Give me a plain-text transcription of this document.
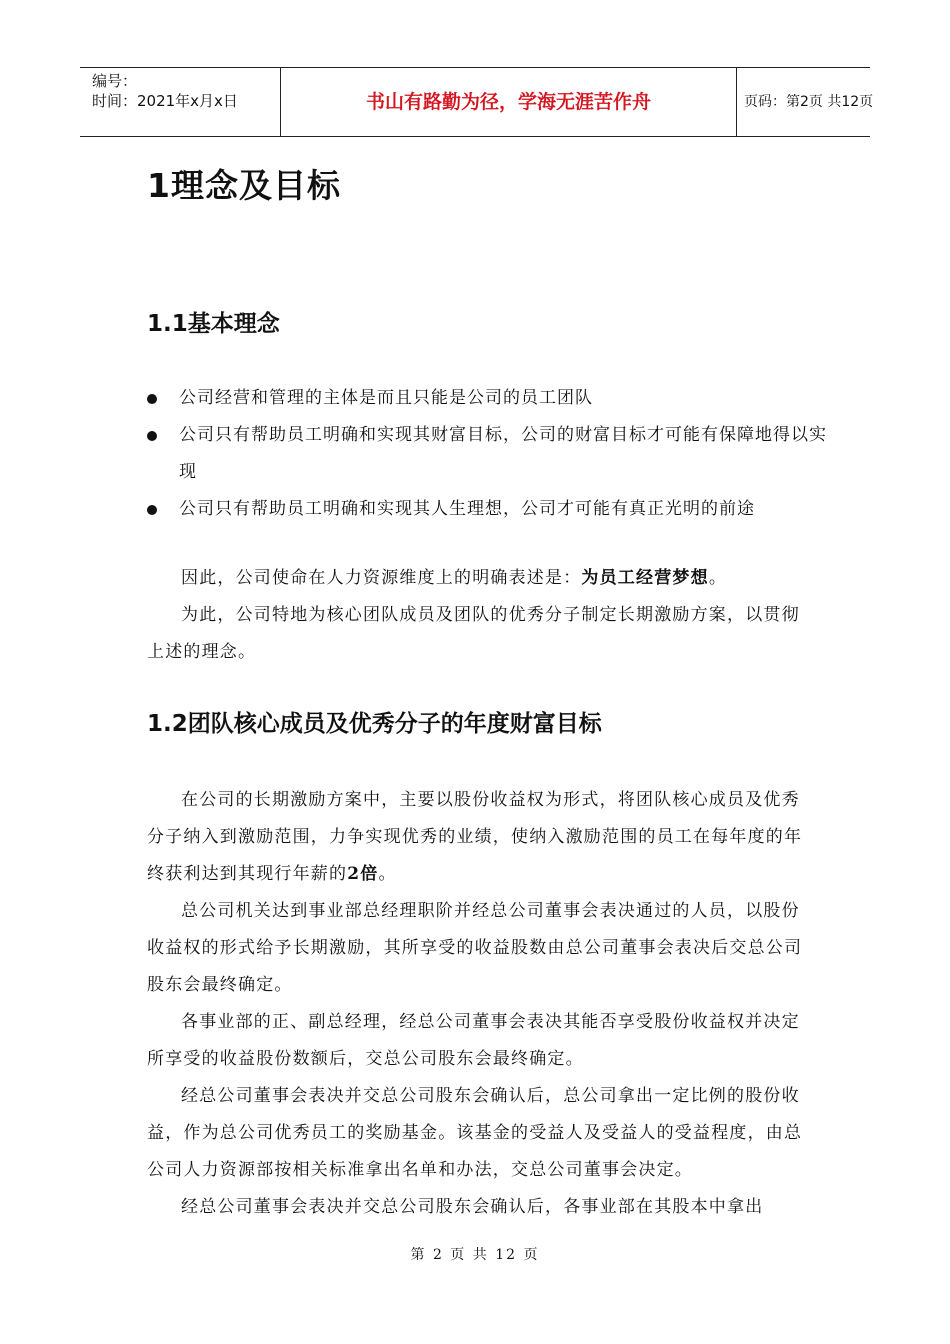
编号：
时间：2021年x月x日	书山有路勤为径，学海无涯苦作舟	页码：第2页 共12页
1理念及目标
1.1基本理念
公司经营和管理的主体是而且只能是公司的员工团队
公司只有帮助员工明确和实现其财富目标，公司的财富目标才可能有保障地得以实现
公司只有帮助员工明确和实现其人生理想，公司才可能有真正光明的前途

因此，公司使命在人力资源维度上的明确表述是：为员工经营梦想。

为此，公司特地为核心团队成员及团队的优秀分子制定长期激励方案，以贯彻上述的理念。

1.2团队核心成员及优秀分子的年度财富目标

在公司的长期激励方案中，主要以股份收益权为形式，将团队核心成员及优秀分子纳入到激励范围，力争实现优秀的业绩，使纳入激励范围的员工在每年度的年终获利达到其现行年薪的2倍。

总公司机关达到事业部总经理职阶并经总公司董事会表决通过的人员，以股份收益权的形式给予长期激励，其所享受的收益股数由总公司董事会表决后交总公司股东会最终确定。

各事业部的正、副总经理，经总公司董事会表决其能否享受股份收益权并决定所享受的收益股份数额后，交总公司股东会最终确定。

经总公司董事会表决并交总公司股东会确认后，总公司拿出一定比例的股份收益，作为总公司优秀员工的奖励基金。该基金的受益人及受益人的受益程度，由总公司人力资源部按相关标准拿出名单和办法，交总公司董事会决定。

经总公司董事会表决并交总公司股东会确认后，各事业部在其股本中拿出

第 2 页 共 12 页
